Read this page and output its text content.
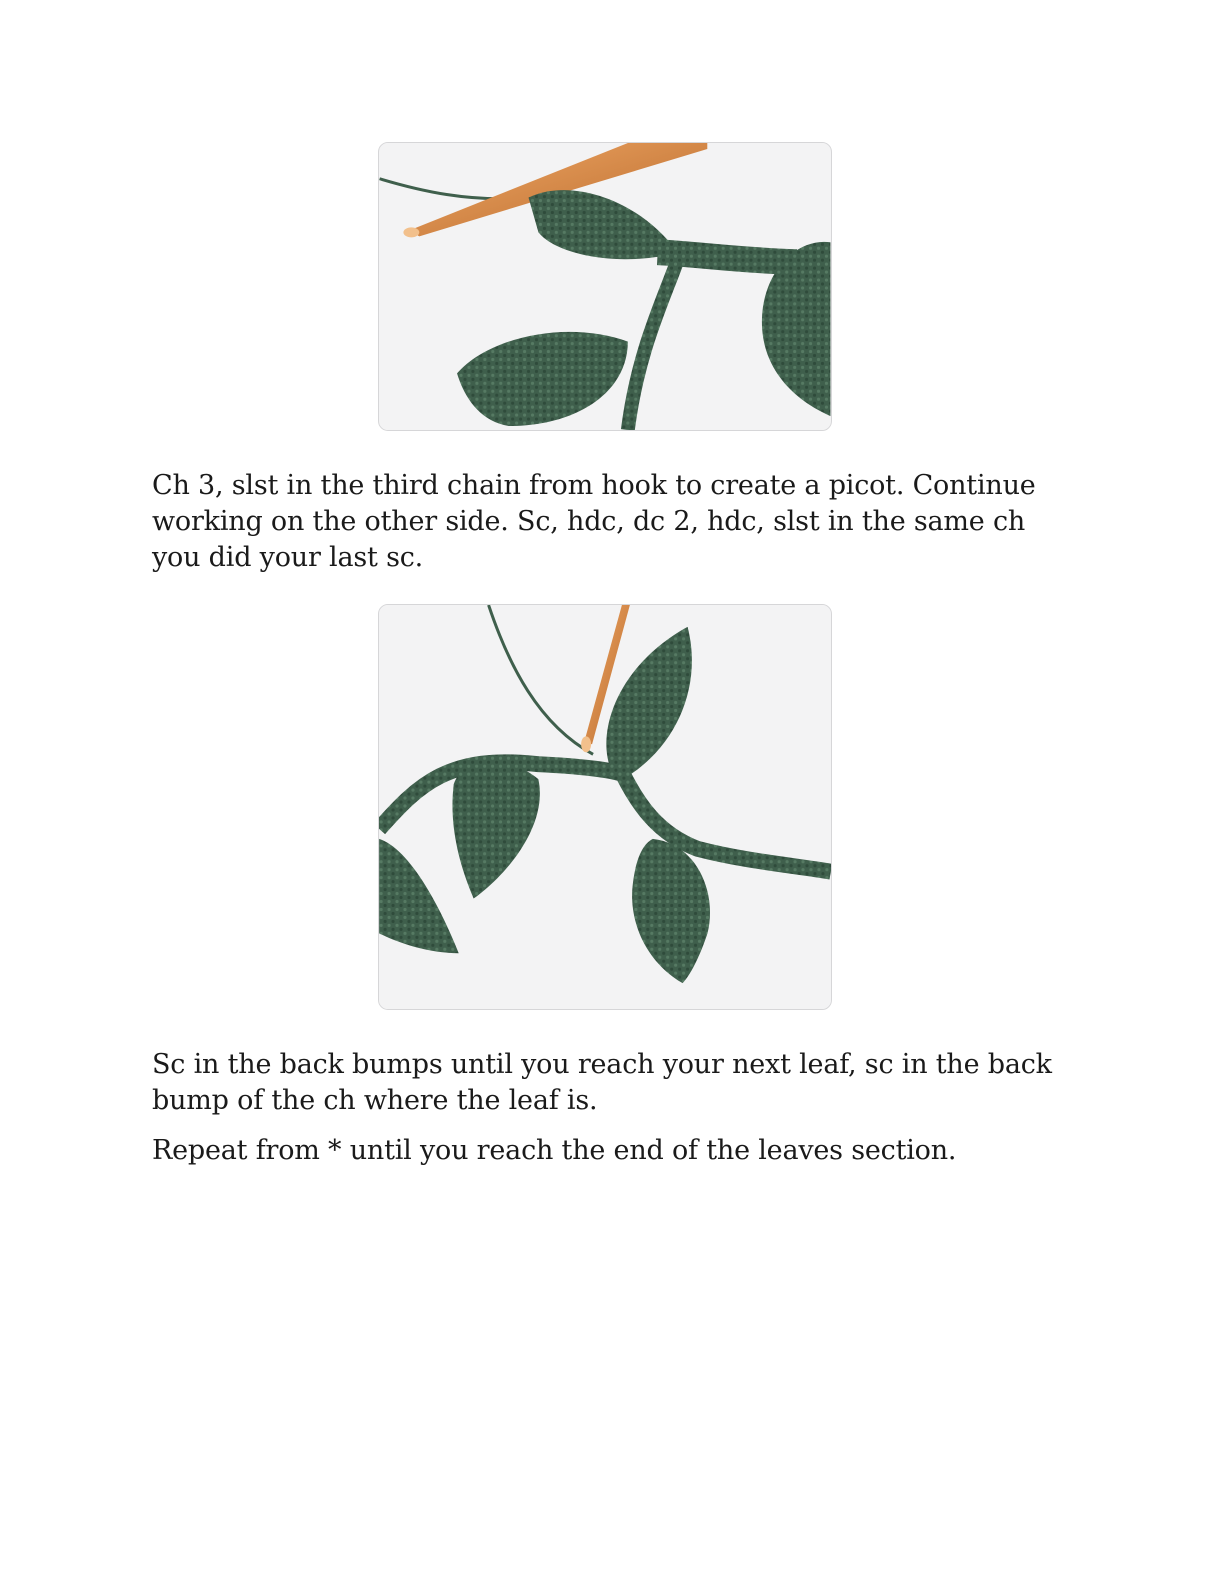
Ch 3, slst in the third chain from hook to create a picot. Continue working on the other side. Sc, hdc, dc 2, hdc, slst in the same ch you did your last sc.

Sc in the back bumps until you reach your next leaf, sc in the back bump of the ch where the leaf is.

Repeat from * until you reach the end of the leaves section.
